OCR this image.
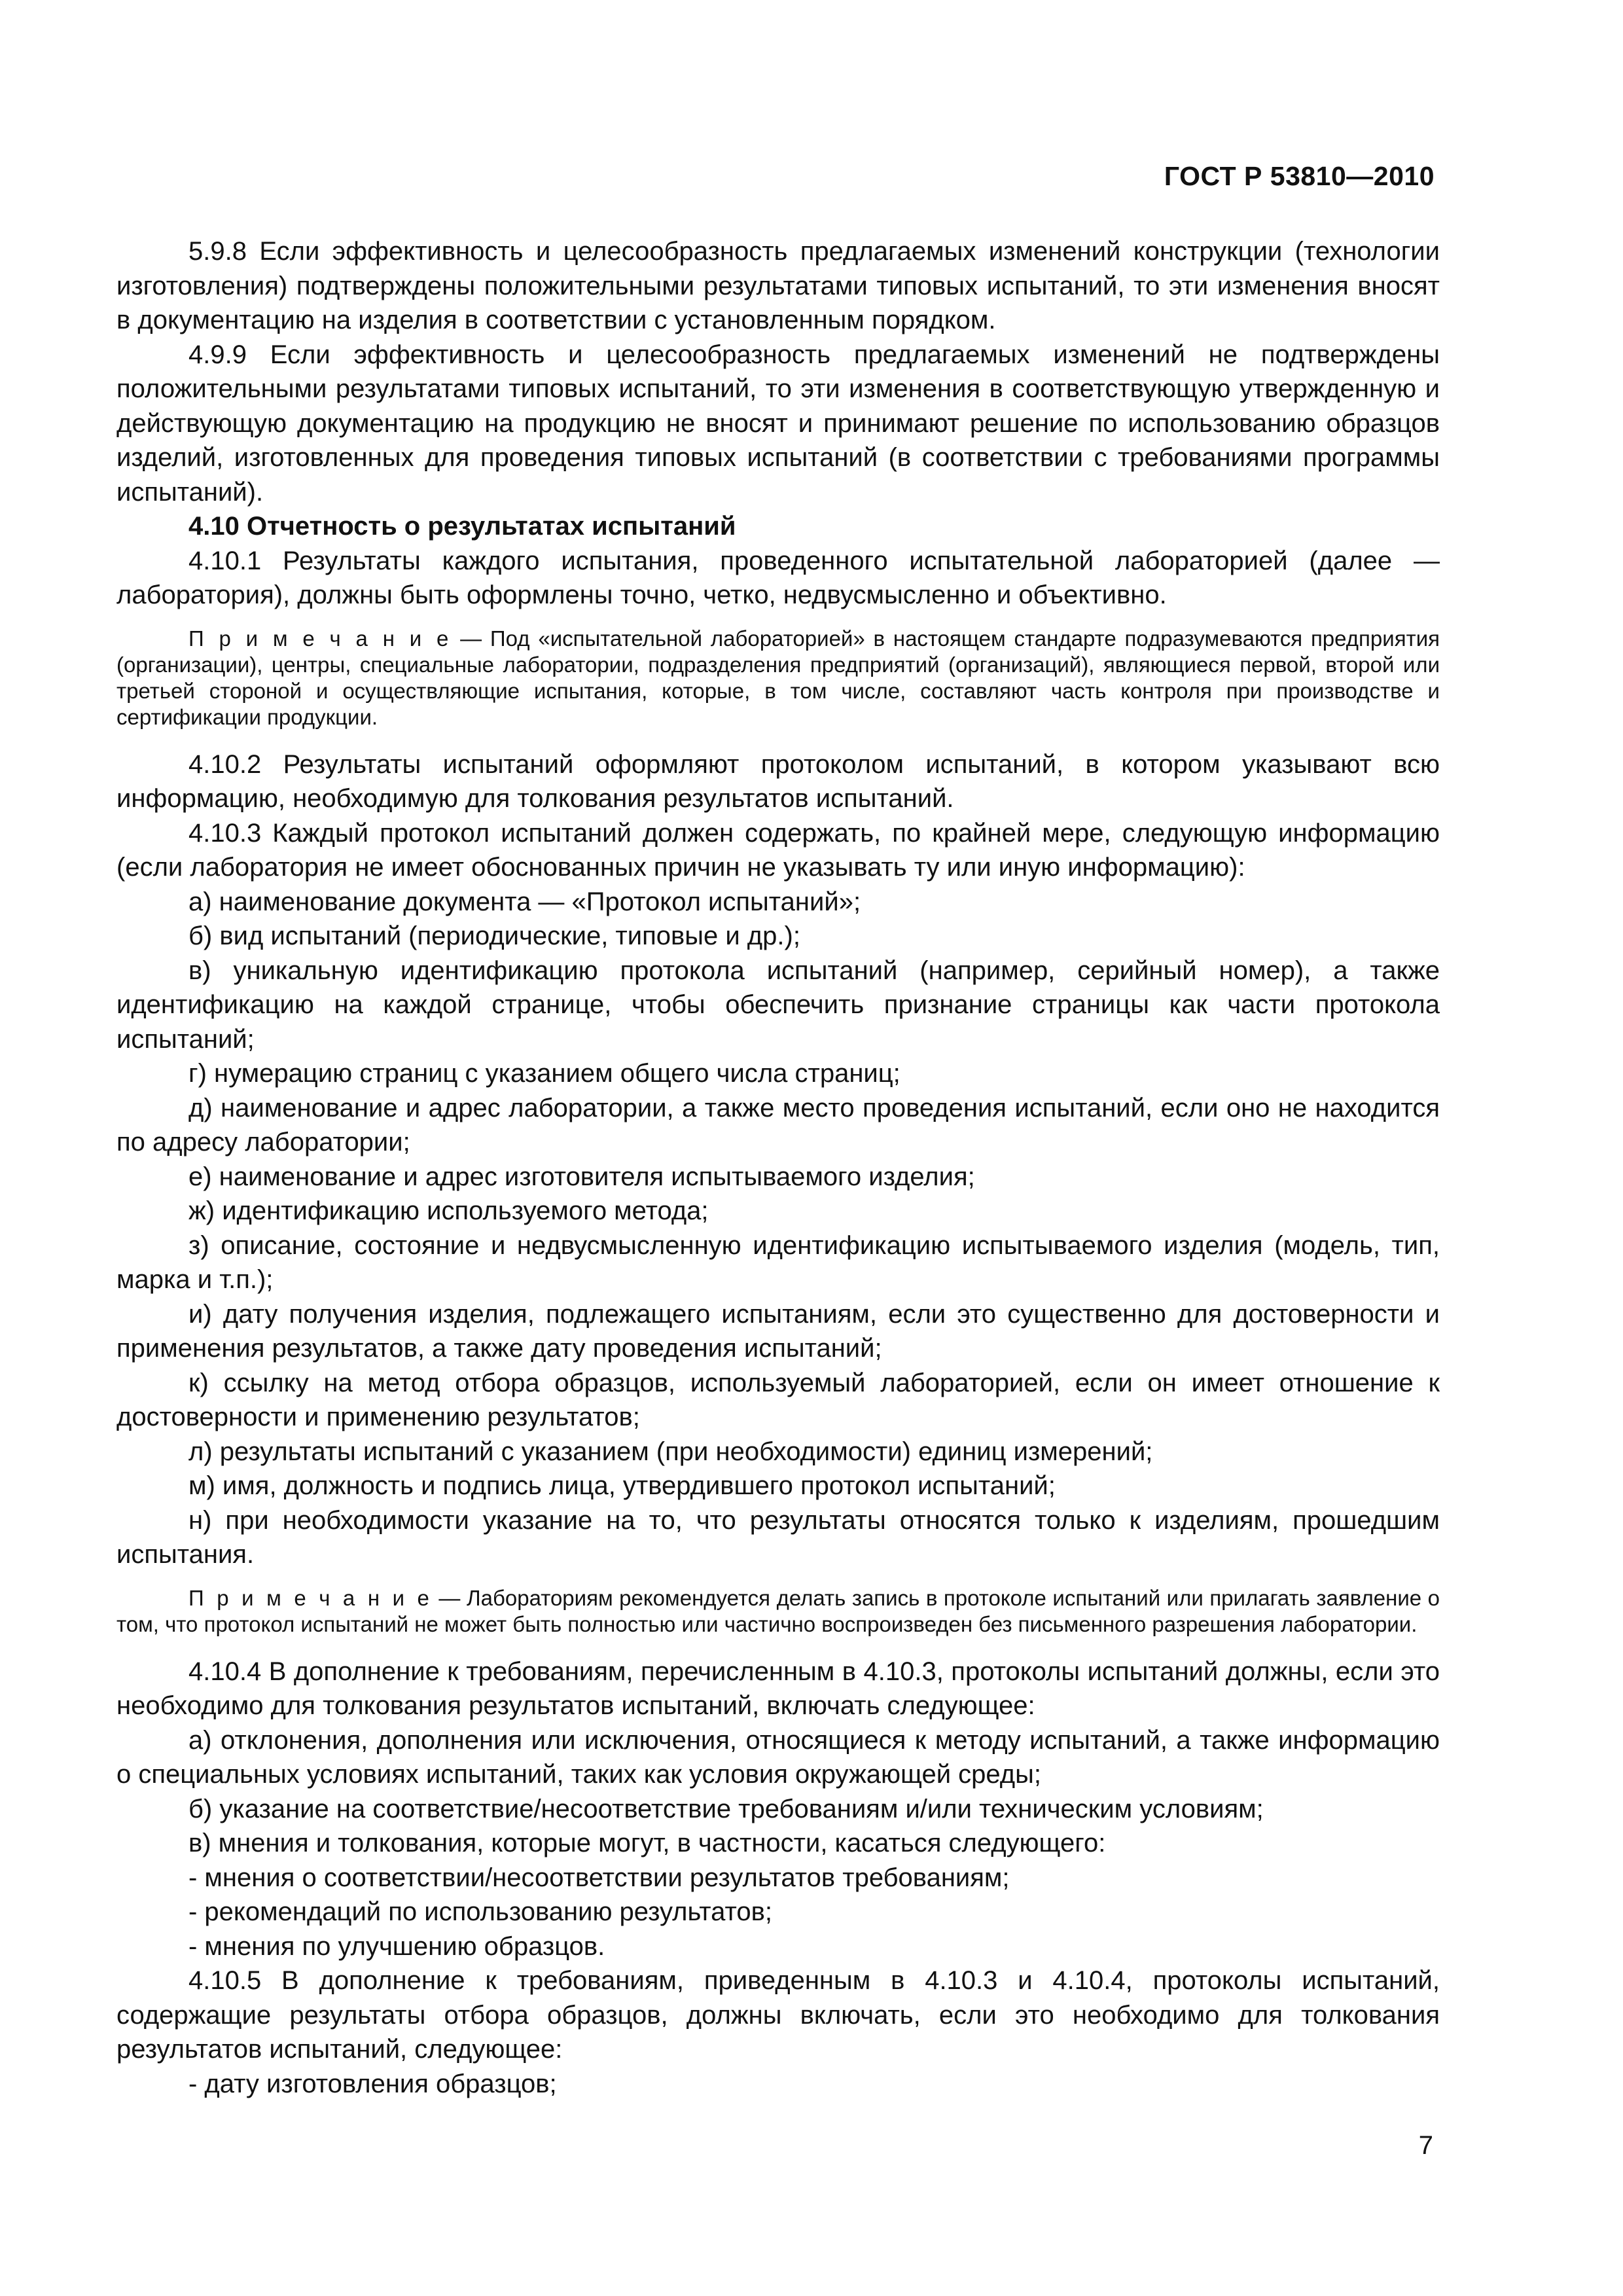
ГОСТ Р 53810—2010

5.9.8 Если эффективность и целесообразность предлагаемых изменений конструкции (технологии изготовления) подтверждены положительными результатами типовых испытаний, то эти изменения вносят в документацию на изделия в соответствии с установленным порядком.

4.9.9 Если эффективность и целесообразность предлагаемых изменений не подтверждены положительными результатами типовых испытаний, то эти изменения в соответствующую утвержденную и действующую документацию на продукцию не вносят и принимают решение по использованию образцов изделий, изготовленных для проведения типовых испытаний (в соответствии с требованиями программы испытаний).

4.10 Отчетность о результатах испытаний

4.10.1 Результаты каждого испытания, проведенного испытательной лабораторией (далее — лаборатория), должны быть оформлены точно, четко, недвусмысленно и объективно.

П р и м е ч а н и е — Под «испытательной лабораторией» в настоящем стандарте подразумеваются предприятия (организации), центры, специальные лаборатории, подразделения предприятий (организаций), являющиеся первой, второй или третьей стороной и осуществляющие испытания, которые, в том числе, составляют часть контроля при производстве и сертификации продукции.

4.10.2 Результаты испытаний оформляют протоколом испытаний, в котором указывают всю информацию, необходимую для толкования результатов испытаний.

4.10.3 Каждый протокол испытаний должен содержать, по крайней мере, следующую информацию (если лаборатория не имеет обоснованных причин не указывать ту или иную информацию):

а) наименование документа — «Протокол испытаний»;

б) вид испытаний (периодические, типовые и др.);

в) уникальную идентификацию протокола испытаний (например, серийный номер), а также идентификацию на каждой странице, чтобы обеспечить признание страницы как части протокола испытаний;

г) нумерацию страниц с указанием общего числа страниц;

д) наименование и адрес лаборатории, а также место проведения испытаний, если оно не находится по адресу лаборатории;

е) наименование и адрес изготовителя испытываемого изделия;

ж) идентификацию используемого метода;

з) описание, состояние и недвусмысленную идентификацию испытываемого изделия (модель, тип, марка и т.п.);

и) дату получения изделия, подлежащего испытаниям, если это существенно для достоверности и применения результатов, а также дату проведения испытаний;

к) ссылку на метод отбора образцов, используемый лабораторией, если он имеет отношение к достоверности и применению результатов;

л) результаты испытаний с указанием (при необходимости) единиц измерений;

м) имя, должность и подпись лица, утвердившего протокол испытаний;

н) при необходимости указание на то, что результаты относятся только к изделиям, прошедшим испытания.

П р и м е ч а н и е — Лабораториям рекомендуется делать запись в протоколе испытаний или прилагать заявление о том, что протокол испытаний не может быть полностью или частично воспроизведен без письменного разрешения лаборатории.

4.10.4 В дополнение к требованиям, перечисленным в 4.10.3, протоколы испытаний должны, если это необходимо для толкования результатов испытаний, включать следующее:

а) отклонения, дополнения или исключения, относящиеся к методу испытаний, а также информацию о специальных условиях испытаний, таких как условия окружающей среды;

б) указание на соответствие/несоответствие требованиям и/или техническим условиям;

в) мнения и толкования, которые могут, в частности, касаться следующего:

- мнения о соответствии/несоответствии результатов требованиям;

- рекомендаций по использованию результатов;

- мнения по улучшению образцов.

4.10.5 В дополнение к требованиям, приведенным в 4.10.3 и 4.10.4, протоколы испытаний, содержащие результаты отбора образцов, должны включать, если это необходимо для толкования результатов испытаний, следующее:

- дату изготовления образцов;

7
